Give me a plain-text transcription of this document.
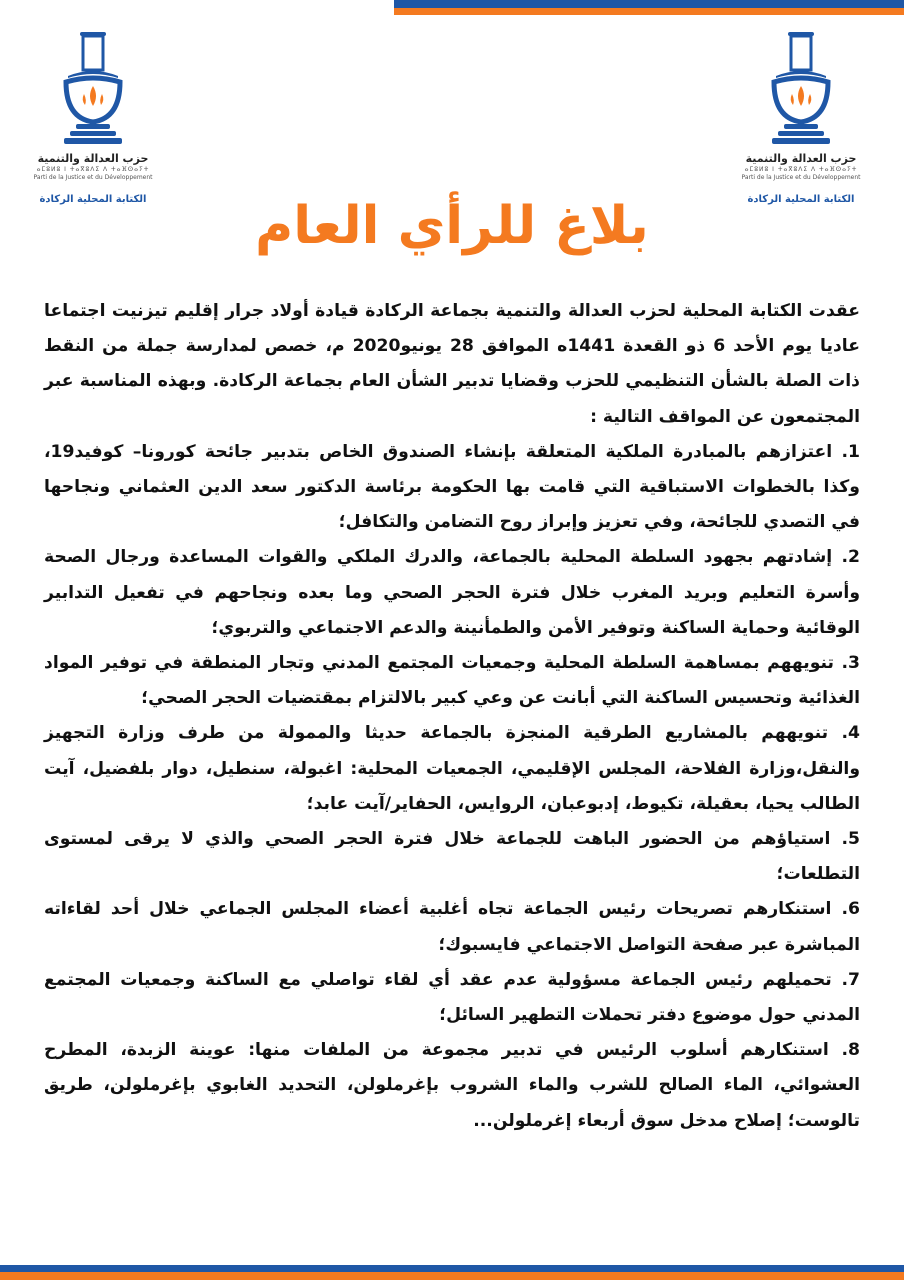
حزب العدالة والتنمية
ⴰⵎⵓⵍⵓ ⵏ ⵜⴰⴳⵓⴷⵉ ⴷ ⵜⴰⴼⵙⴰⵢⵜ
Parti de la Justice et du Développement
الكتابة المحلية الركادة
حزب العدالة والتنمية
ⴰⵎⵓⵍⵓ ⵏ ⵜⴰⴳⵓⴷⵉ ⴷ ⵜⴰⴼⵙⴰⵢⵜ
Parti de la Justice et du Développement
الكتابة المحلية الركادة
بلاغ للرأي العام

عقدت الكتابة المحلية لحزب العدالة والتنمية بجماعة الركادة قيادة أولاد جرار إقليم تيزنيت اجتماعا عاديا يوم الأحد 6 ذو القعدة 1441ه الموافق 28 يونيو2020 م، خصص لمدارسة جملة من النقط ذات الصلة بالشأن التنظيمي للحزب وقضايا تدبير الشأن العام بجماعة الركادة. وبهذه المناسبة عبر المجتمعون عن المواقف التالية :

1. اعتزازهم بالمبادرة الملكية المتعلقة بإنشاء الصندوق الخاص بتدبير جائحة كورونا– كوفيد19، وكذا بالخطوات الاستباقية التي قامت بها الحكومة برئاسة الدكتور سعد الدين العثماني ونجاحها في التصدي للجائحة، وفي تعزيز وإبراز روح التضامن والتكافل؛

2. إشادتهم بجهود السلطة المحلية بالجماعة، والدرك الملكي والقوات المساعدة ورجال الصحة وأسرة التعليم وبريد المغرب خلال فترة الحجر الصحي وما بعده ونجاحهم في تفعيل التدابير الوقائية وحماية الساكنة وتوفير الأمن والطمأنينة والدعم الاجتماعي والتربوي؛

3. تنويههم بمساهمة السلطة المحلية وجمعيات المجتمع المدني وتجار المنطقة في توفير المواد الغذائية وتحسيس الساكنة التي أبانت عن وعي كبير بالالتزام بمقتضيات الحجر الصحي؛

4. تنويههم بالمشاريع الطرقية المنجزة بالجماعة حديثا والممولة من طرف وزارة التجهيز والنقل،وزارة الفلاحة، المجلس الإقليمي، الجمعيات المحلية: اغبولة، سنطيل، دوار بلفضيل، آيت الطالب يحيا، بعقيلة، تكيوط، إدبوعبان، الروايس، الحفاير/آيت عابد؛

5. استياؤهم من الحضور الباهت للجماعة خلال فترة الحجر الصحي والذي لا يرقى لمستوى التطلعات؛

6. استنكارهم تصريحات رئيس الجماعة تجاه أغلبية أعضاء المجلس الجماعي خلال أحد لقاءاته المباشرة عبر صفحة التواصل الاجتماعي فايسبوك؛

7. تحميلهم رئيس الجماعة مسؤولية عدم عقد أي لقاء تواصلي مع الساكنة وجمعيات المجتمع المدني حول موضوع دفتر تحملات التطهير السائل؛

8. استنكارهم أسلوب الرئيس في تدبير مجموعة من الملفات منها: عوينة الزبدة، المطرح العشوائي، الماء الصالح للشرب والماء الشروب بإغرملولن، التحديد الغابوي بإغرملولن، طريق تالوست؛ إصلاح مدخل سوق أربعاء إغرملولن...
